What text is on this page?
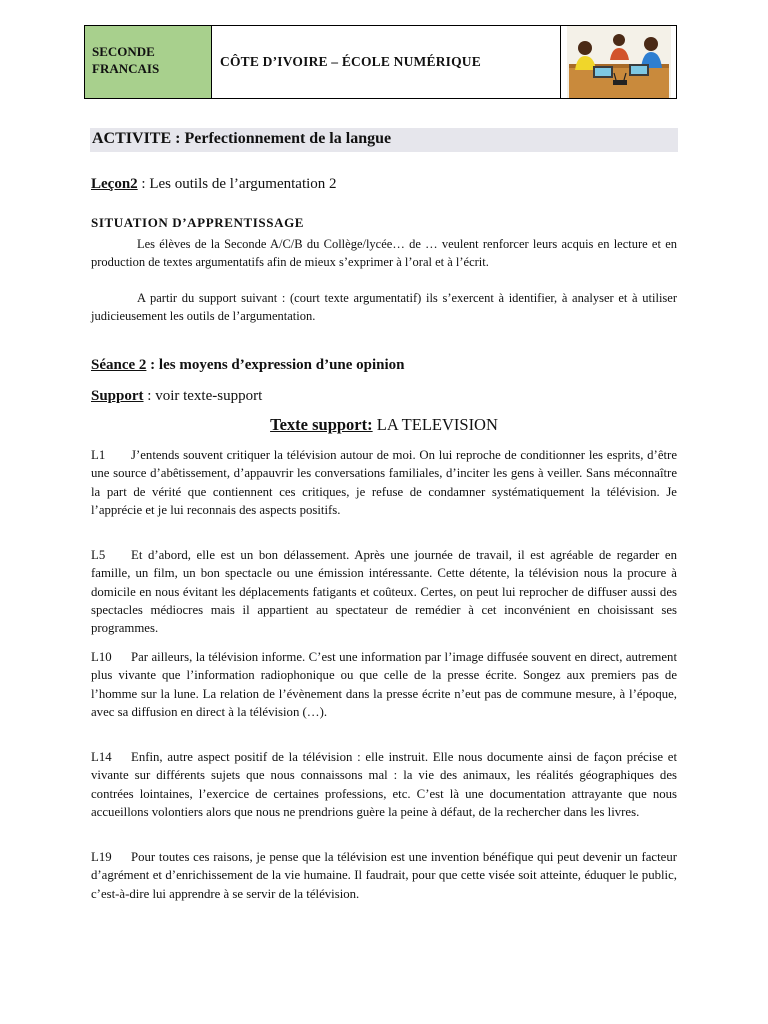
SECONDE
FRANCAIS	CÔTE D’IVOIRE – ÉCOLE NUMÉRIQUE
ACTIVITE : Perfectionnement de la langue
Leçon2 : Les outils de l’argumentation 2
SITUATION D’APPRENTISSAGE

Les élèves de la Seconde A/C/B du Collège/lycée… de … veulent renforcer leurs acquis en lecture et en production de textes argumentatifs afin de mieux s’exprimer à l’oral et à l’écrit.

A partir du support suivant : (court texte argumentatif) ils s’exercent à identifier, à analyser et à utiliser judicieusement les outils de l’argumentation.

Séance 2 : les moyens d’expression d’une opinion
Support : voir texte-support
Texte support: LA TELEVISION

L1 J’entends souvent critiquer la télévision autour de moi. On lui reproche de conditionner les esprits, d’être une source d’abêtissement, d’appauvrir les conversations familiales, d’inciter les gens à veiller. Sans méconnaître la part de vérité que contiennent ces critiques, je refuse de condamner systématiquement la télévision. Je l’apprécie et je lui reconnais des aspects positifs.

L5 Et d’abord, elle est un bon délassement. Après une journée de travail, il est agréable de regarder en famille, un film, un bon spectacle ou une émission intéressante. Cette détente, la télévision nous la procure à domicile en nous évitant les déplacements fatigants et coûteux. Certes, on peut lui reprocher de diffuser aussi des spectacles médiocres mais il appartient au spectateur de remédier à cet inconvénient en choisissant ses programmes.

L10 Par ailleurs, la télévision informe. C’est une information par l’image diffusée souvent en direct, autrement plus vivante que l’information radiophonique ou que celle de la presse écrite. Songez aux premiers pas de l’homme sur la lune. La relation de l’évènement dans la presse écrite n’eut pas de commune mesure, à l’époque, avec sa diffusion en direct à la télévision (…).

L14 Enfin, autre aspect positif de la télévision : elle instruit. Elle nous documente ainsi de façon précise et vivante sur différents sujets que nous connaissons mal : la vie des animaux, les réalités géographiques des contrées lointaines, l’exercice de certaines professions, etc. C’est là une documentation attrayante que nous accueillons volontiers alors que nous ne prendrions guère la peine à défaut, de la rechercher dans les livres.

L19 Pour toutes ces raisons, je pense que la télévision est une invention bénéfique qui peut devenir un facteur d’agrément et d’enrichissement de la vie humaine. Il faudrait, pour que cette visée soit atteinte, éduquer le public, c’est-à-dire lui apprendre à se servir de la télévision.
